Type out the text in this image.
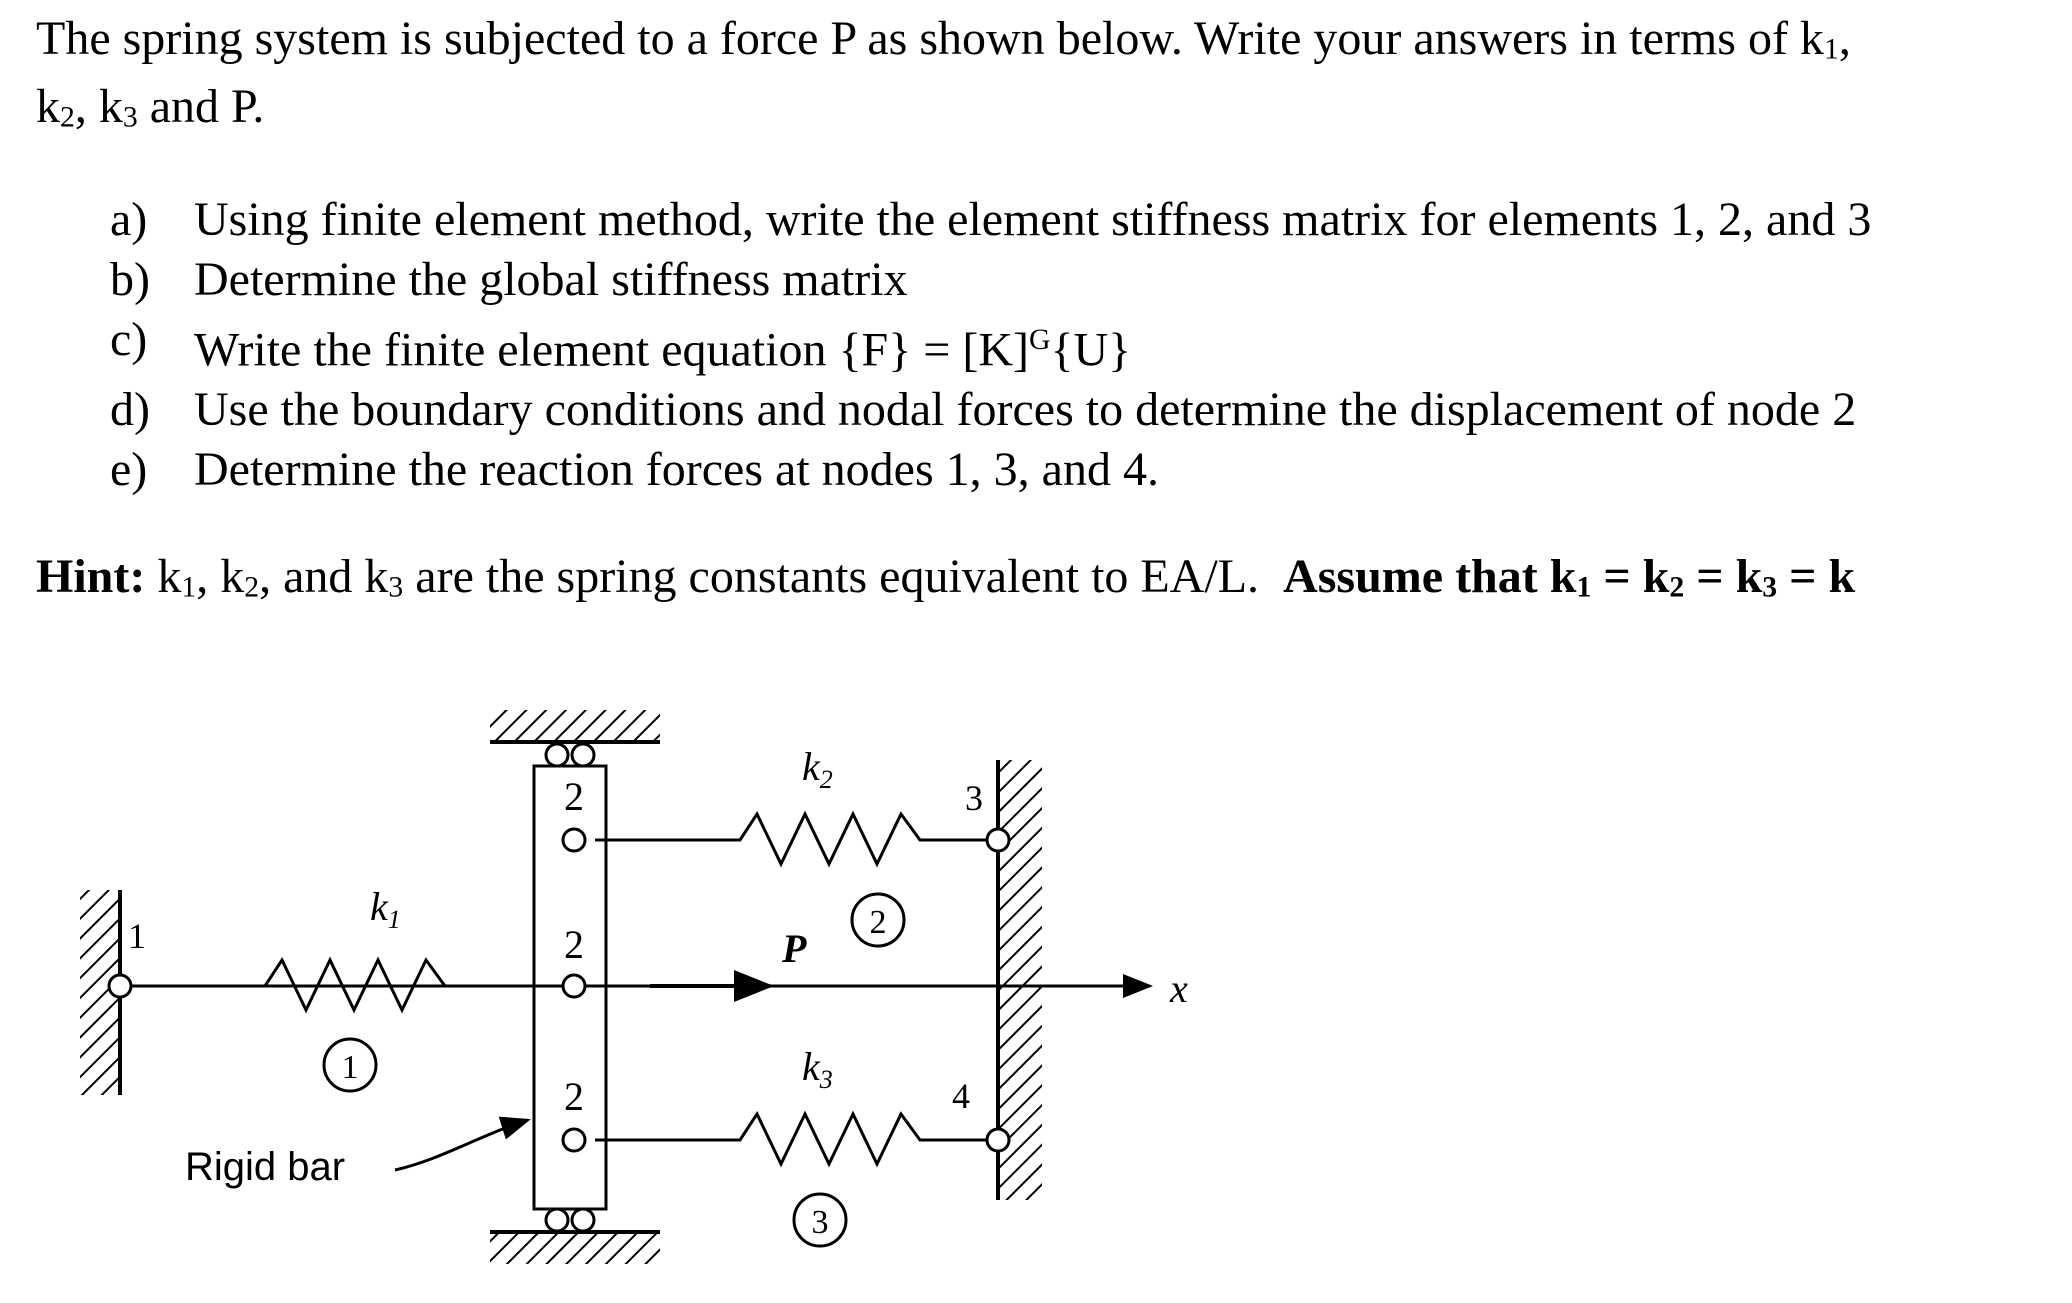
The spring system is subjected to a force P as shown below. Write your answers in terms of $k_1$,
$k_2$, $k_3$ and P.
a) Using finite element method, write the element stiffness matrix for elements 1, 2, and 3
b) Determine the global stiffness matrix
c) Write the finite element equation $\{F\} = [K]^G\{U\}$
d) Use the boundary conditions and nodal forces to determine the displacement of node 2
e) Determine the reaction forces at nodes 1, 3, and 4.
Hint: $k_1$, $k_2$, and $k_3$ are the spring constants equivalent to EA/L. Assume that $k_1 = k_2 = k_3 = k$
x
P
$k_1$
$k_2$
$k_3$
1
2
2
2
3
4
1
2
3
Rigid bar
